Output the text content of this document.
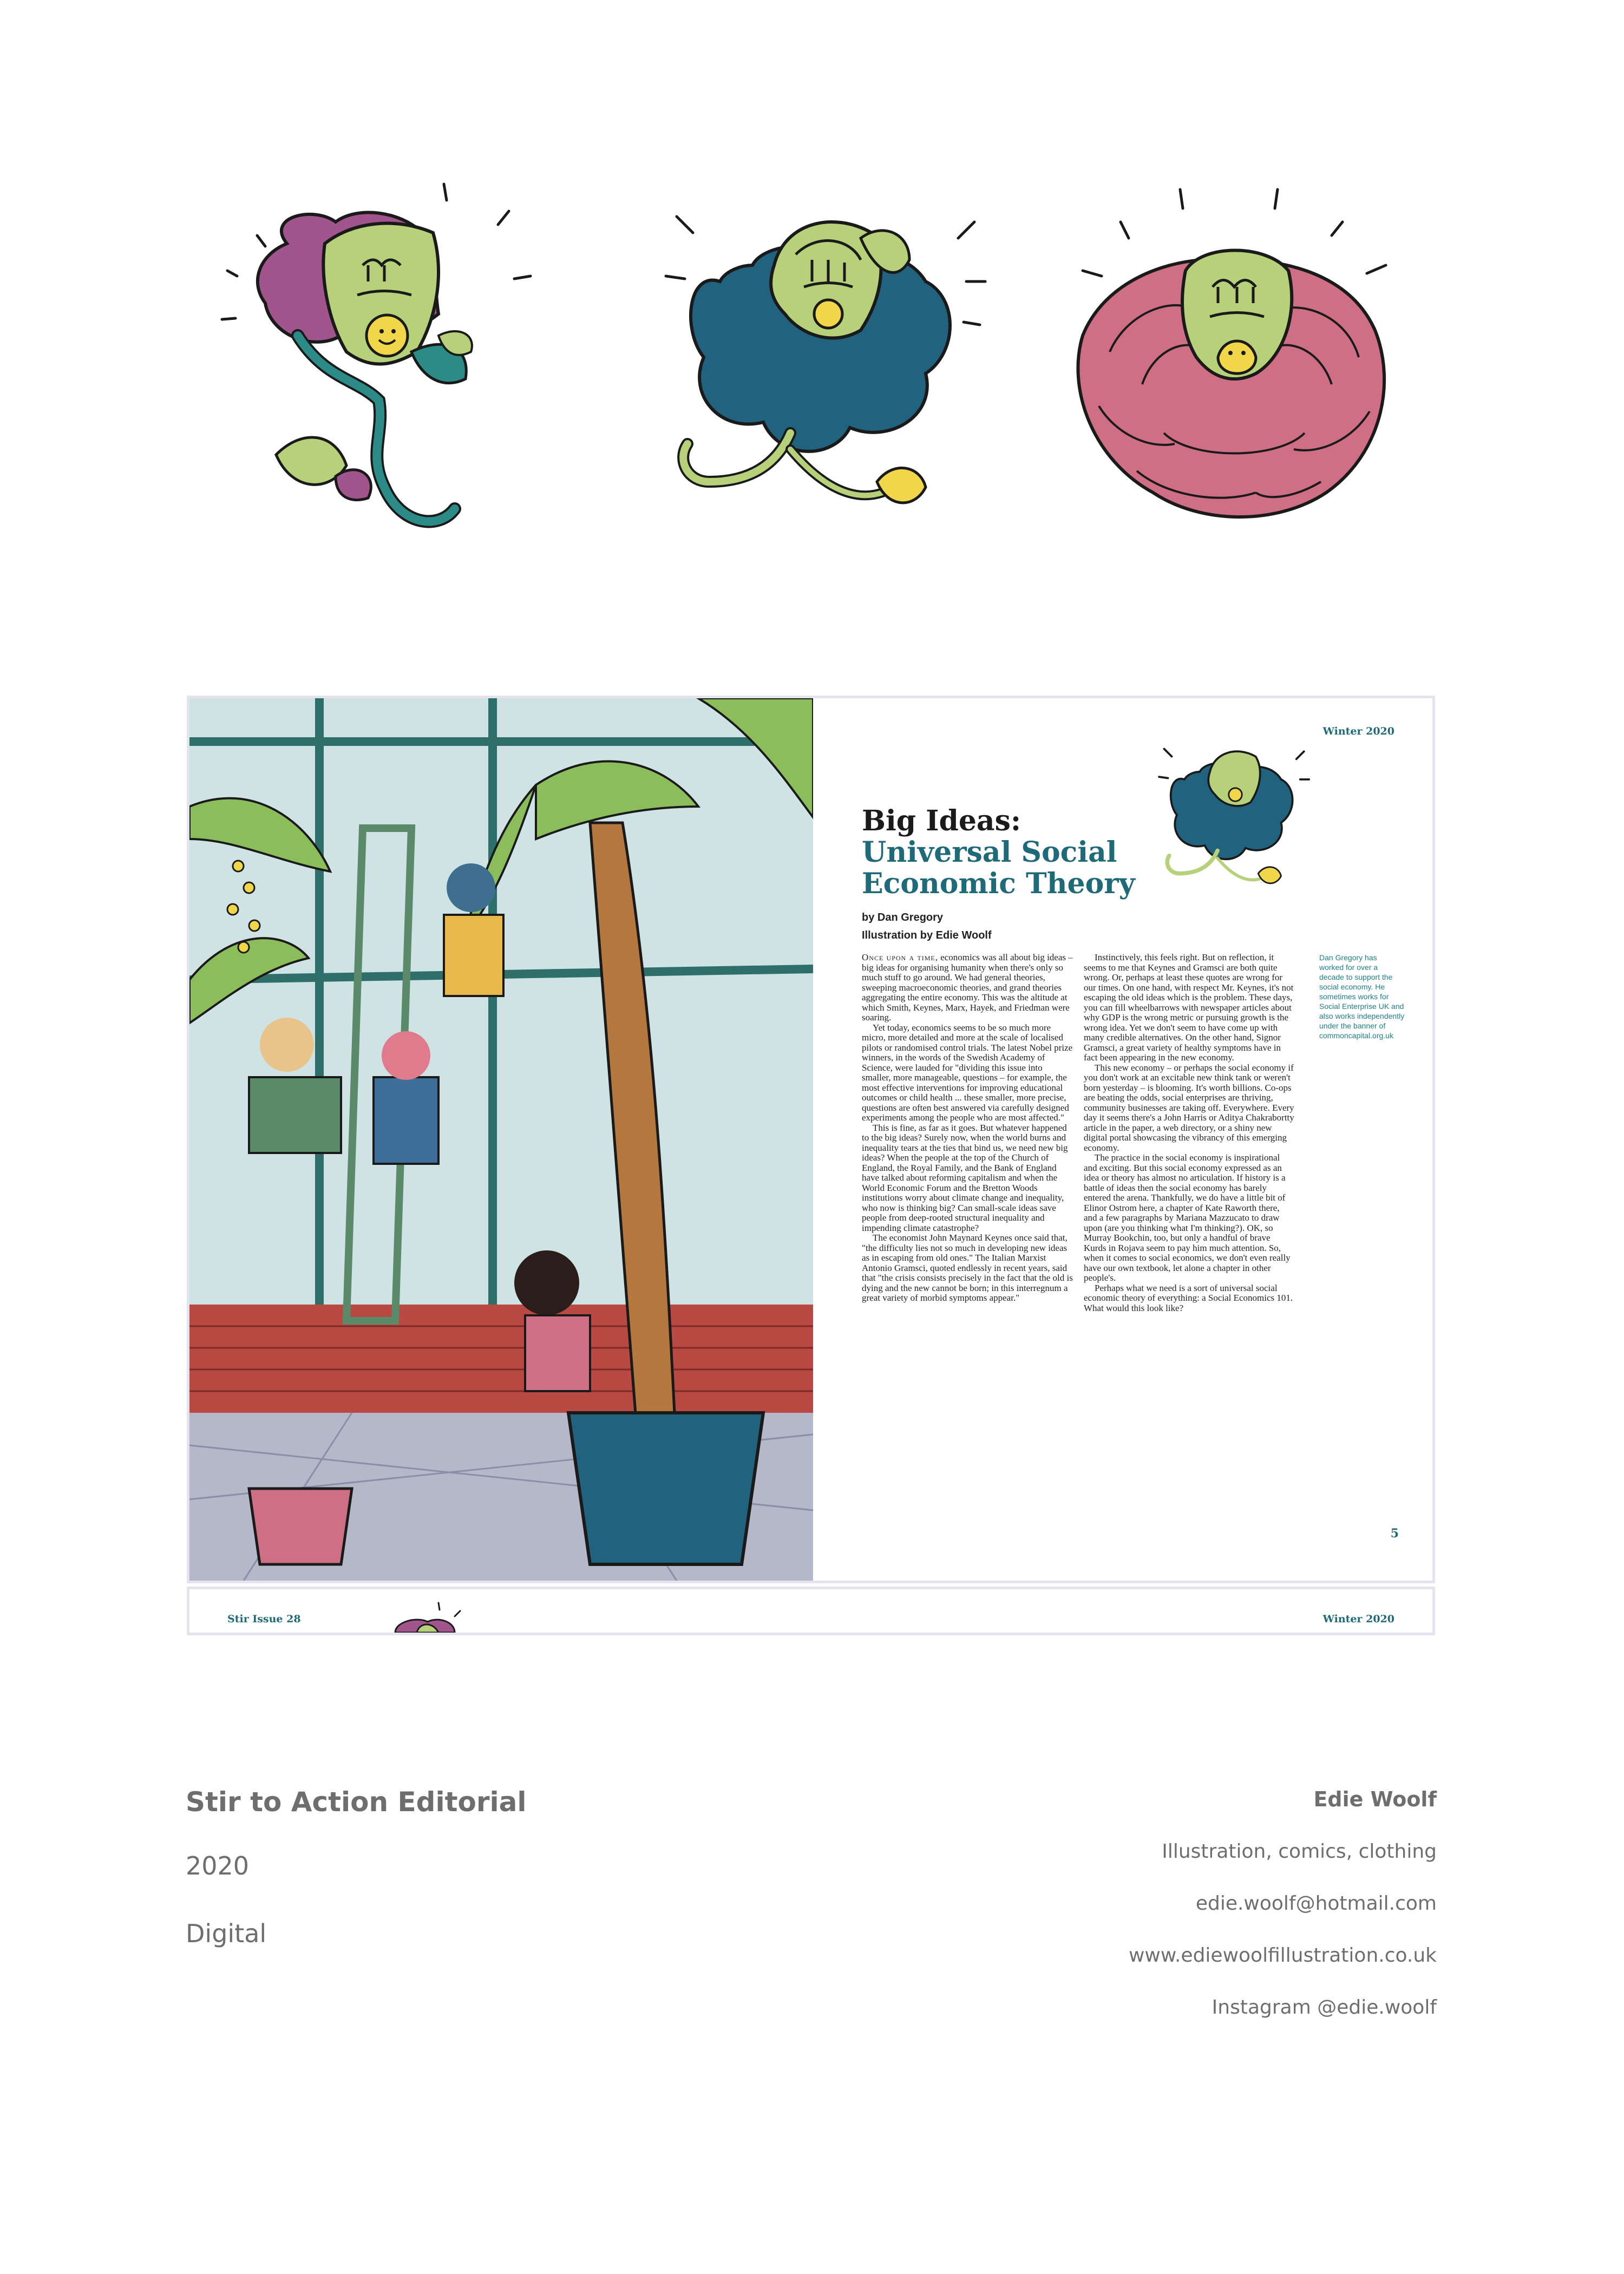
Winter 2020
Big Ideas:
Universal Social
Economic Theory
by Dan Gregory
Illustration by Edie Woolf

Once upon a time, economics was all about big ideas – big ideas for organising humanity when there's only so much stuff to go around. We had general theories, sweeping macroeconomic theories, and grand theories aggregating the entire economy. This was the altitude at which Smith, Keynes, Marx, Hayek, and Friedman were soaring.

Yet today, economics seems to be so much more micro, more detailed and more at the scale of localised pilots or randomised control trials. The latest Nobel prize winners, in the words of the Swedish Academy of Science, were lauded for "dividing this issue into smaller, more manageable, questions – for example, the most effective interventions for improving educational outcomes or child health ... these smaller, more precise, questions are often best answered via carefully designed experiments among the people who are most affected."

This is fine, as far as it goes. But whatever happened to the big ideas? Surely now, when the world burns and inequality tears at the ties that bind us, we need new big ideas? When the people at the top of the Church of England, the Royal Family, and the Bank of England have talked about reforming capitalism and when the World Economic Forum and the Bretton Woods institutions worry about climate change and inequality, who now is thinking big? Can small-scale ideas save people from deep-rooted structural inequality and impending climate catastrophe?

The economist John Maynard Keynes once said that, "the difficulty lies not so much in developing new ideas as in escaping from old ones." The Italian Marxist Antonio Gramsci, quoted endlessly in recent years, said that "the crisis consists precisely in the fact that the old is dying and the new cannot be born; in this interregnum a great variety of morbid symptoms appear."

Instinctively, this feels right. But on reflection, it seems to me that Keynes and Gramsci are both quite wrong. Or, perhaps at least these quotes are wrong for our times. On one hand, with respect Mr. Keynes, it's not escaping the old ideas which is the problem. These days, you can fill wheelbarrows with newspaper articles about why GDP is the wrong metric or pursuing growth is the wrong idea. Yet we don't seem to have come up with many credible alternatives. On the other hand, Signor Gramsci, a great variety of healthy symptoms have in fact been appearing in the new economy.

This new economy – or perhaps the social economy if you don't work at an excitable new think tank or weren't born yesterday – is blooming. It's worth billions. Co-ops are beating the odds, social enterprises are thriving, community businesses are taking off. Everywhere. Every day it seems there's a John Harris or Aditya Chakrabortty article in the paper, a web directory, or a shiny new digital portal showcasing the vibrancy of this emerging economy.

The practice in the social economy is inspirational and exciting. But this social economy expressed as an idea or theory has almost no articulation. If history is a battle of ideas then the social economy has barely entered the arena. Thankfully, we do have a little bit of Elinor Ostrom here, a chapter of Kate Raworth there, and a few paragraphs by Mariana Mazzucato to draw upon (are you thinking what I'm thinking?). OK, so Murray Bookchin, too, but only a handful of brave Kurds in Rojava seem to pay him much attention. So, when it comes to social economics, we don't even really have our own textbook, let alone a chapter in other people's.

Perhaps what we need is a sort of universal social economic theory of everything: a Social Economics 101. What would this look like?

Dan Gregory has
worked for over a
decade to support the
social economy. He
sometimes works for
Social Enterprise UK and
also works independently
under the banner of
commoncapital.org.uk
5
Stir Issue 28	Winter 2020
Stir to Action Editorial
2020
Digital
Edie Woolf
Illustration, comics, clothing
edie.woolf@hotmail.com
www.ediewoolfillustration.co.uk
Instagram @edie.woolf
